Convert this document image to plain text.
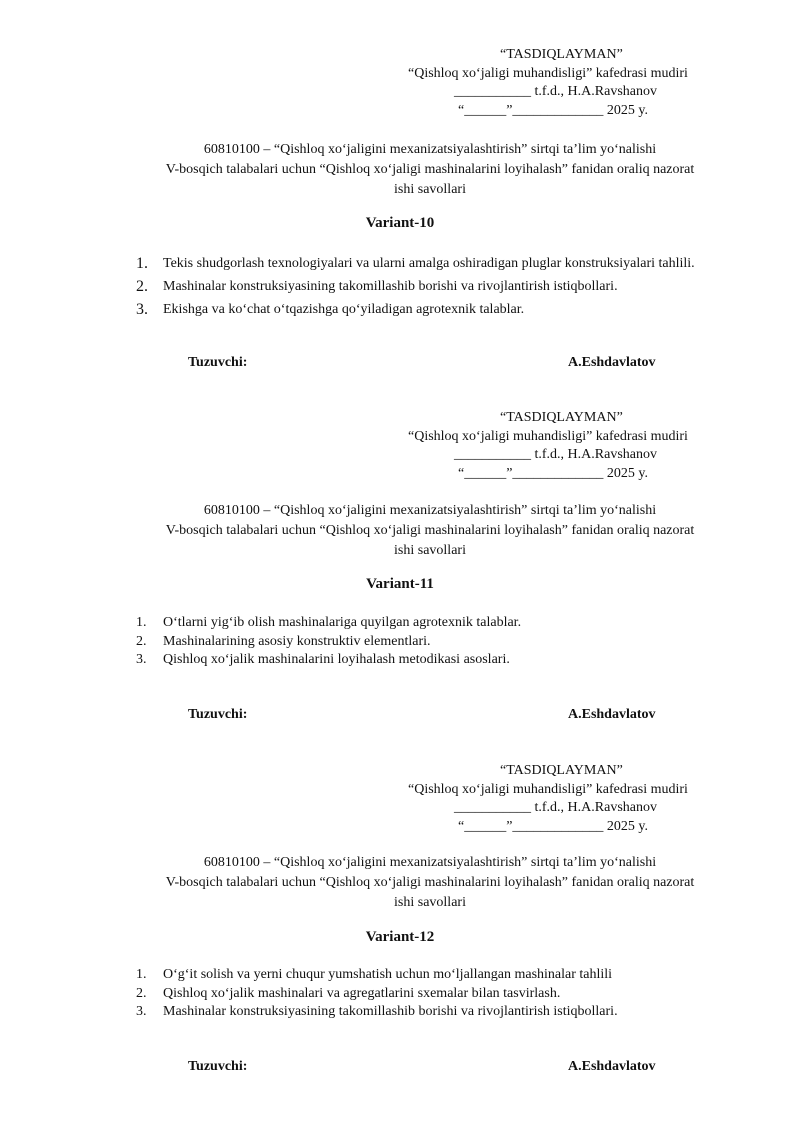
“TASDIQLAYMAN”
“Qishloq xo‘jaligi muhandisligi” kafedrasi mudiri
___________ t.f.d., H.A.Ravshanov
“______”_____________ 2025 y.
60810100 – “Qishloq xo‘jaligini mexanizatsiyalashtirish” sirtqi ta’lim yo‘nalishi
V-bosqich talabalari uchun “Qishloq xo‘jaligi mashinalarini loyihalash” fanidan oraliq nazorat
ishi savollari
Variant-10
1. Tekis shudgorlash texnologiyalari va ularni amalga oshiradigan pluglar konstruksiyalari tahlili.
2. Mashinalar konstruksiyasining takomillashib borishi va rivojlantirish istiqbollari.
3. Ekishga va ko‘chat o‘tqazishga qo‘yiladigan agrotexnik talablar.
Tuzuvchi:	A.Eshdavlatov
“TASDIQLAYMAN”
“Qishloq xo‘jaligi muhandisligi” kafedrasi mudiri
___________ t.f.d., H.A.Ravshanov
“______”_____________ 2025 y.
60810100 – “Qishloq xo‘jaligini mexanizatsiyalashtirish” sirtqi ta’lim yo‘nalishi
V-bosqich talabalari uchun “Qishloq xo‘jaligi mashinalarini loyihalash” fanidan oraliq nazorat
ishi savollari
Variant-11
1. O‘tlarni yig‘ib olish mashinalariga quyilgan agrotexnik talablar.
2. Mashinalarining asosiy konstruktiv elementlari.
3. Qishloq xo‘jalik mashinalarini loyihalash metodikasi asoslari.
Tuzuvchi:	A.Eshdavlatov
“TASDIQLAYMAN”
“Qishloq xo‘jaligi muhandisligi” kafedrasi mudiri
___________ t.f.d., H.A.Ravshanov
“______”_____________ 2025 y.
60810100 – “Qishloq xo‘jaligini mexanizatsiyalashtirish” sirtqi ta’lim yo‘nalishi
V-bosqich talabalari uchun “Qishloq xo‘jaligi mashinalarini loyihalash” fanidan oraliq nazorat
ishi savollari
Variant-12
1. O‘g‘it solish va yerni chuqur yumshatish uchun mo‘ljallangan mashinalar tahlili
2. Qishloq xo‘jalik mashinalari va agregatlarini sxemalar bilan tasvirlash.
3. Mashinalar konstruksiyasining takomillashib borishi va rivojlantirish istiqbollari.
Tuzuvchi:	A.Eshdavlatov
